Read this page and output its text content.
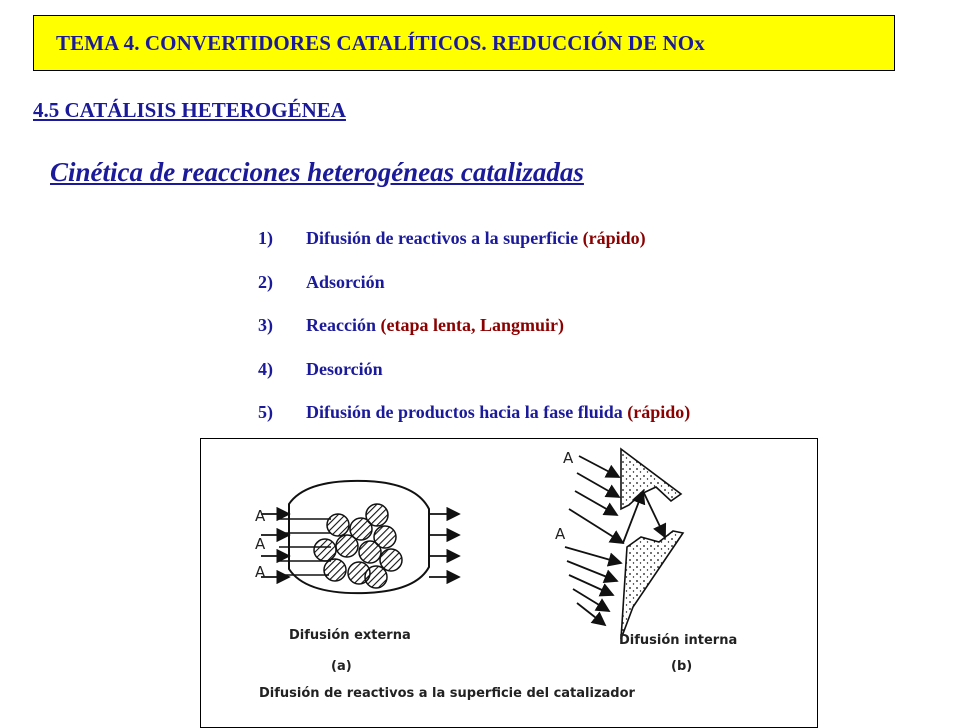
TEMA 4. CONVERTIDORES CATALÍTICOS. REDUCCIÓN DE NOx
4.5 CATÁLISIS HETEROGÉNEA
Cinética de reacciones heterogéneas catalizadas
1) Difusión de reactivos a la superficie (rápido)
2) Adsorción
3) Reacción (etapa lenta, Langmuir)
4) Desorción
5) Difusión de productos hacia la fase fluida (rápido)
A
A
A
A
A
Difusión externa
(a)
Difusión interna
(b)
Difusión de reactivos a la superficie del catalizador
